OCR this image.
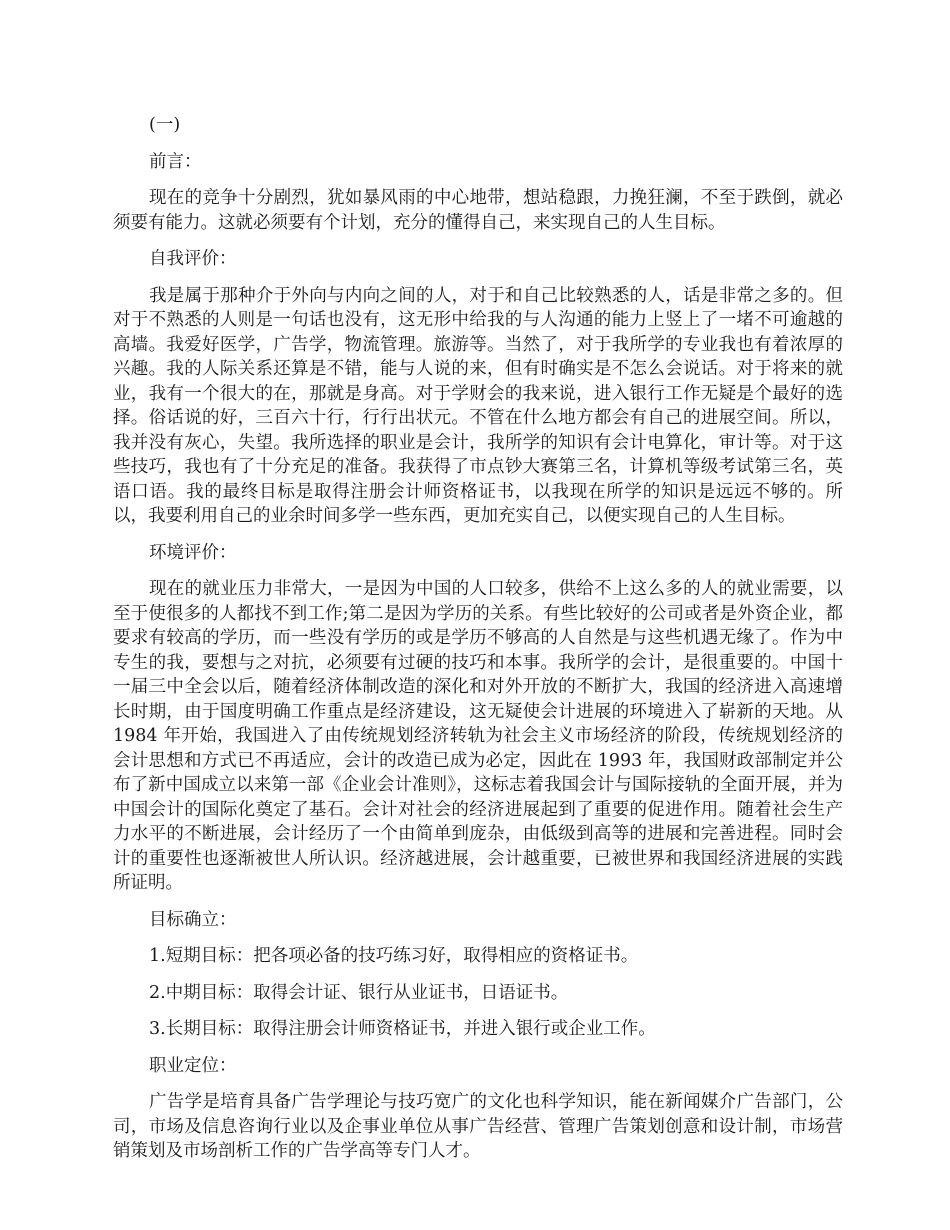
(一)

前言：

现在的竞争十分剧烈，犹如暴风雨的中心地带，想站稳跟，力挽狂澜，不至于跌倒，就必须要有能力。这就必须要有个计划，充分的懂得自己，来实现自己的人生目标。

自我评价：

我是属于那种介于外向与内向之间的人，对于和自己比较熟悉的人，话是非常之多的。但对于不熟悉的人则是一句话也没有，这无形中给我的与人沟通的能力上竖上了一堵不可逾越的高墙。我爱好医学，广告学，物流管理。旅游等。当然了，对于我所学的专业我也有着浓厚的兴趣。我的人际关系还算是不错，能与人说的来，但有时确实是不怎么会说话。对于将来的就业，我有一个很大的在，那就是身高。对于学财会的我来说，进入银行工作无疑是个最好的选择。俗话说的好，三百六十行，行行出状元。不管在什么地方都会有自己的进展空间。所以，我并没有灰心，失望。我所选择的职业是会计，我所学的知识有会计电算化，审计等。对于这些技巧，我也有了十分充足的准备。我获得了市点钞大赛第三名，计算机等级考试第三名，英语口语。我的最终目标是取得注册会计师资格证书，以我现在所学的知识是远远不够的。所以，我要利用自己的业余时间多学一些东西，更加充实自己，以便实现自己的人生目标。

环境评价：

现在的就业压力非常大，一是因为中国的人口较多，供给不上这么多的人的就业需要，以至于使很多的人都找不到工作;第二是因为学历的关系。有些比较好的公司或者是外资企业，都要求有较高的学历，而一些没有学历的或是学历不够高的人自然是与这些机遇无缘了。作为中专生的我，要想与之对抗，必须要有过硬的技巧和本事。我所学的会计，是很重要的。中国十一届三中全会以后，随着经济体制改造的深化和对外开放的不断扩大，我国的经济进入高速增长时期，由于国度明确工作重点是经济建设，这无疑使会计进展的环境进入了崭新的天地。从 1984 年开始，我国进入了由传统规划经济转轨为社会主义市场经济的阶段，传统规划经济的会计思想和方式已不再适应，会计的改造已成为必定，因此在 1993 年，我国财政部制定并公布了新中国成立以来第一部《企业会计准则》，这标志着我国会计与国际接轨的全面开展，并为中国会计的国际化奠定了基石。会计对社会的经济进展起到了重要的促进作用。随着社会生产力水平的不断进展，会计经历了一个由简单到庞杂，由低级到高等的进展和完善进程。同时会计的重要性也逐渐被世人所认识。经济越进展，会计越重要，已被世界和我国经济进展的实践所证明。

目标确立：

1.短期目标：把各项必备的技巧练习好，取得相应的资格证书。

2.中期目标：取得会计证、银行从业证书，日语证书。

3.长期目标：取得注册会计师资格证书，并进入银行或企业工作。

职业定位：

广告学是培育具备广告学理论与技巧宽广的文化也科学知识，能在新闻媒介广告部门，公司，市场及信息咨询行业以及企事业单位从事广告经营、管理广告策划创意和设计制，市场营销策划及市场剖析工作的广告学高等专门人才。
